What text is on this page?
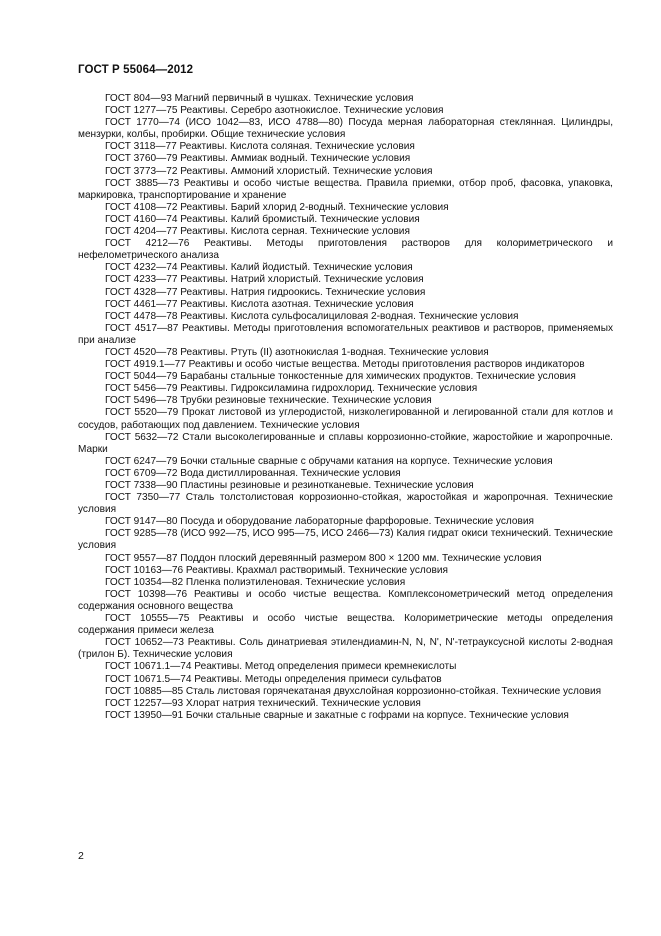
ГОСТ Р 55064—2012

ГОСТ 804—93 Магний первичный в чушках. Технические условия

ГОСТ 1277—75 Реактивы. Серебро азотнокислое. Технические условия

ГОСТ 1770—74 (ИСО 1042—83, ИСО 4788—80) Посуда мерная лабораторная стеклянная. Цилиндры, мензурки, колбы, пробирки. Общие технические условия

ГОСТ 3118—77 Реактивы. Кислота соляная. Технические условия

ГОСТ 3760—79 Реактивы. Аммиак водный. Технические условия

ГОСТ 3773—72 Реактивы. Аммоний хлористый. Технические условия

ГОСТ 3885—73 Реактивы и особо чистые вещества. Правила приемки, отбор проб, фасовка, упаковка, маркировка, транспортирование и хранение

ГОСТ 4108—72 Реактивы. Барий хлорид 2-водный. Технические условия

ГОСТ 4160—74 Реактивы. Калий бромистый. Технические условия

ГОСТ 4204—77 Реактивы. Кислота серная. Технические условия

ГОСТ 4212—76 Реактивы. Методы приготовления растворов для колориметрического и нефелометрического анализа

ГОСТ 4232—74 Реактивы. Калий йодистый. Технические условия

ГОСТ 4233—77 Реактивы. Натрий хлористый. Технические условия

ГОСТ 4328—77 Реактивы. Натрия гидроокись. Технические условия

ГОСТ 4461—77 Реактивы. Кислота азотная. Технические условия

ГОСТ 4478—78 Реактивы. Кислота сульфосалициловая 2-водная. Технические условия

ГОСТ 4517—87 Реактивы. Методы приготовления вспомогательных реактивов и растворов, применяемых при анализе

ГОСТ 4520—78 Реактивы. Ртуть (II) азотнокислая 1-водная. Технические условия

ГОСТ 4919.1—77 Реактивы и особо чистые вещества. Методы приготовления растворов индикаторов

ГОСТ 5044—79 Барабаны стальные тонкостенные для химических продуктов. Технические условия

ГОСТ 5456—79 Реактивы. Гидроксиламина гидрохлорид. Технические условия

ГОСТ 5496—78 Трубки резиновые технические. Технические условия

ГОСТ 5520—79 Прокат листовой из углеродистой, низколегированной и легированной стали для котлов и сосудов, работающих под давлением. Технические условия

ГОСТ 5632—72 Стали высоколегированные и сплавы коррозионно-стойкие, жаростойкие и жаропрочные. Марки

ГОСТ 6247—79 Бочки стальные сварные с обручами катания на корпусе. Технические условия

ГОСТ 6709—72 Вода дистиллированная. Технические условия

ГОСТ 7338—90 Пластины резиновые и резинотканевые. Технические условия

ГОСТ 7350—77 Сталь толстолистовая коррозионно-стойкая, жаростойкая и жаропрочная. Технические условия

ГОСТ 9147—80 Посуда и оборудование лабораторные фарфоровые. Технические условия

ГОСТ 9285—78 (ИСО 992—75, ИСО 995—75, ИСО 2466—73) Калия гидрат окиси технический. Технические условия

ГОСТ 9557—87 Поддон плоский деревянный размером 800 × 1200 мм. Технические условия

ГОСТ 10163—76 Реактивы. Крахмал растворимый. Технические условия

ГОСТ 10354—82 Пленка полиэтиленовая. Технические условия

ГОСТ 10398—76 Реактивы и особо чистые вещества. Комплексонометрический метод определения содержания основного вещества

ГОСТ 10555—75 Реактивы и особо чистые вещества. Колориметрические методы определения содержания примеси железа

ГОСТ 10652—73 Реактивы. Соль динатриевая этилендиамин-N, N, N', N'-тетрауксусной кислоты 2-водная (трилон Б). Технические условия

ГОСТ 10671.1—74 Реактивы. Метод определения примеси кремнекислоты

ГОСТ 10671.5—74 Реактивы. Методы определения примеси сульфатов

ГОСТ 10885—85 Сталь листовая горячекатаная двухслойная коррозионно-стойкая. Технические условия

ГОСТ 12257—93 Хлорат натрия технический. Технические условия

ГОСТ 13950—91 Бочки стальные сварные и закатные с гофрами на корпусе. Технические условия

2
